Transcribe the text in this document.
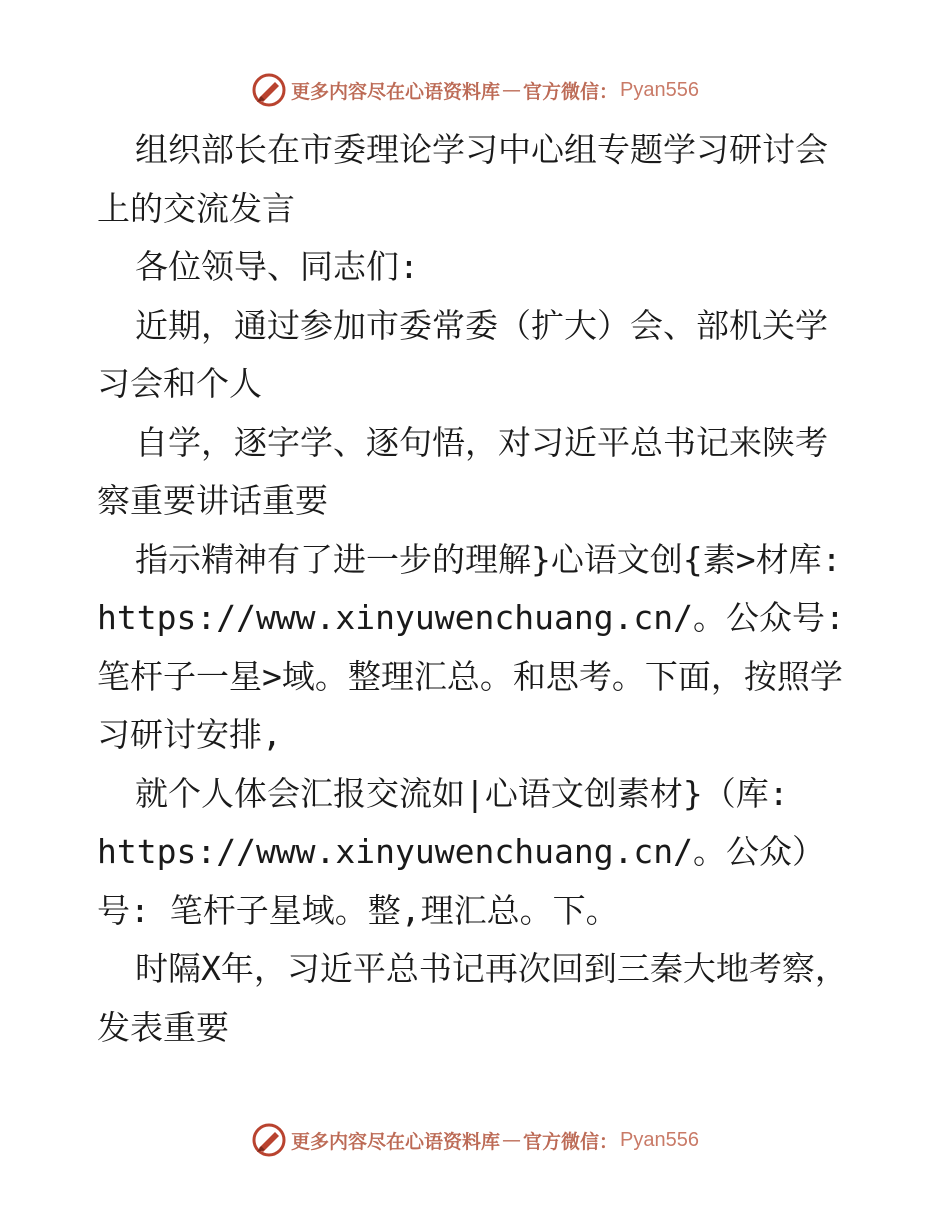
更多内容尽在心语资料库 — 官方微信： Pyan556

组织部长在市委理论学习中心组专题学习研讨会上的交流发言

各位领导、同志们:

近期，通过参加市委常委（扩大）会、部机关学习会和个人

自学，逐字学、逐句悟，对习近平总书记来陕考察重要讲话重要

指示精神有了进一步的理解}心语文创{素>材库: https://www.xinyuwenchuang.cn/。公众号:笔杆子一星>域。整理汇总。和思考。下面，按照学习研讨安排,

就个人体会汇报交流如|心语文创素材}（库: https://www.xinyuwenchuang.cn/。公众）号: 笔杆子星域。整,理汇总。下。

时隔X年，习近平总书记再次回到三秦大地考察，发表重要

更多内容尽在心语资料库 — 官方微信： Pyan556
